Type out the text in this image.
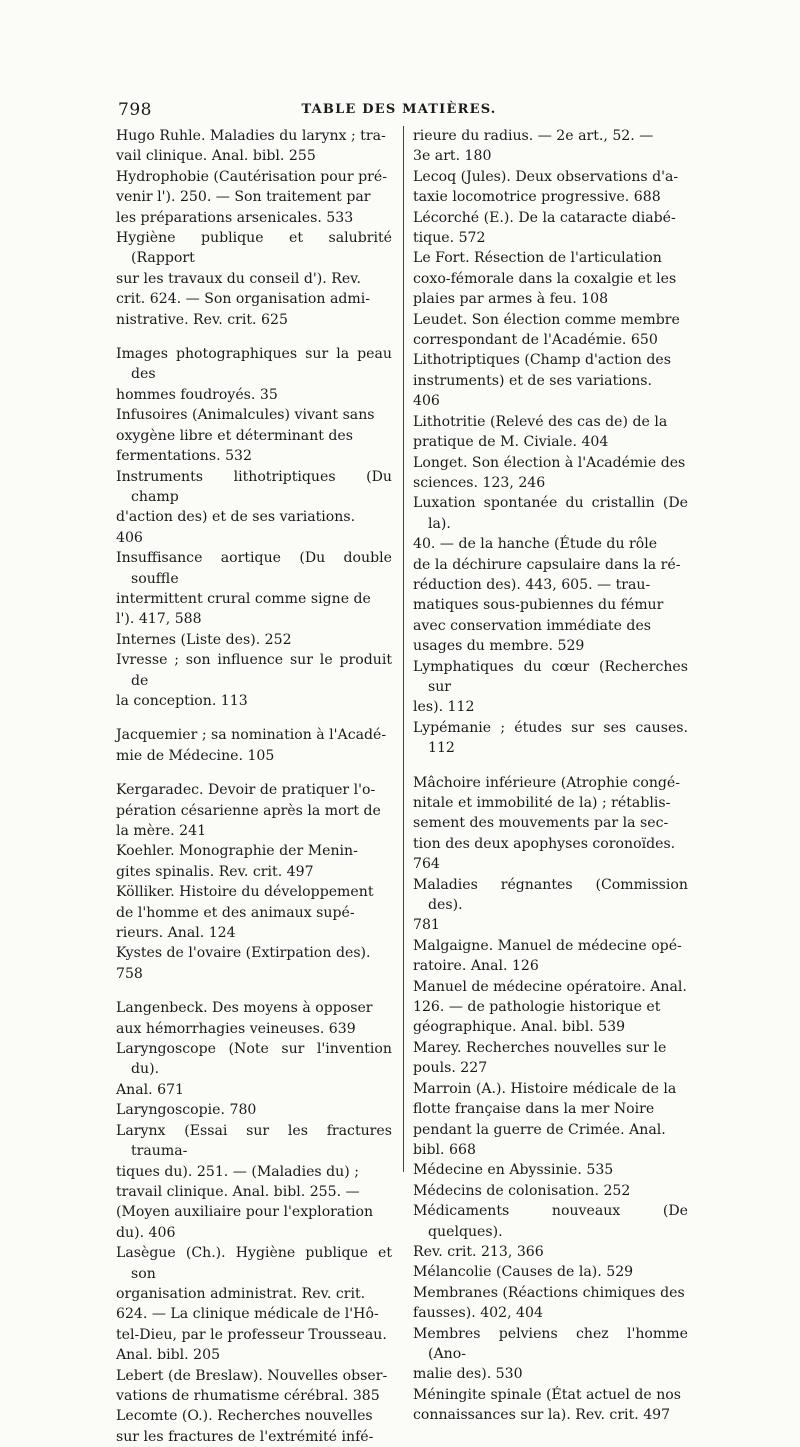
798	TABLE DES MATIÈRES.
Hugo Ruhle. Maladies du larynx ; tra-
vail clinique. Anal. bibl. 255
Hydrophobie (Cautérisation pour pré-
venir l'). 250. — Son traitement par
les préparations arsenicales. 533
Hygiène publique et salubrité (Rapport
sur les travaux du conseil d'). Rev.
crit. 624. — Son organisation admi-
nistrative. Rev. crit. 625
Images photographiques sur la peau des
hommes foudroyés. 35
Infusoires (Animalcules) vivant sans
oxygène libre et déterminant des
fermentations. 532
Instruments lithotriptiques (Du champ
d'action des) et de ses variations.
406
Insuffisance aortique (Du double souffle
intermittent crural comme signe de
l'). 417, 588
Internes (Liste des). 252
Ivresse ; son influence sur le produit de
la conception. 113
Jacquemier ; sa nomination à l'Acadé-
mie de Médecine. 105
Kergaradec. Devoir de pratiquer l'o-
pération césarienne après la mort de
la mère. 241
Koehler. Monographie der Menin-
gites spinalis. Rev. crit. 497
Kölliker. Histoire du développement
de l'homme et des animaux supé-
rieurs. Anal. 124
Kystes de l'ovaire (Extirpation des).
758
Langenbeck. Des moyens à opposer
aux hémorrhagies veineuses. 639
Laryngoscope (Note sur l'invention du).
Anal. 671
Laryngoscopie. 780
Larynx (Essai sur les fractures trauma-
tiques du). 251. — (Maladies du) ;
travail clinique. Anal. bibl. 255. —
(Moyen auxiliaire pour l'exploration
du). 406
Lasègue (Ch.). Hygiène publique et son
organisation administrat. Rev. crit.
624. — La clinique médicale de l'Hô-
tel-Dieu, par le professeur Trousseau.
Anal. bibl. 205
Lebert (de Breslaw). Nouvelles obser-
vations de rhumatisme cérébral. 385
Lecomte (O.). Recherches nouvelles
sur les fractures de l'extrémité infé-
rieure du radius. — 2e art., 52. —
3e art. 180
Lecoq (Jules). Deux observations d'a-
taxie locomotrice progressive. 688
Lécorché (E.). De la cataracte diabé-
tique. 572
Le Fort. Résection de l'articulation
coxo-fémorale dans la coxalgie et les
plaies par armes à feu. 108
Leudet. Son élection comme membre
correspondant de l'Académie. 650
Lithotriptiques (Champ d'action des
instruments) et de ses variations.
406
Lithotritie (Relevé des cas de) de la
pratique de M. Civiale. 404
Longet. Son élection à l'Académie des
sciences. 123, 246
Luxation spontanée du cristallin (De la).
40. — de la hanche (Étude du rôle
de la déchirure capsulaire dans la ré-
réduction des). 443, 605. — trau-
matiques sous-pubiennes du fémur
avec conservation immédiate des
usages du membre. 529
Lymphatiques du cœur (Recherches sur
les). 112
Lypémanie ; études sur ses causes. 112
Mâchoire inférieure (Atrophie congé-
nitale et immobilité de la) ; rétablis-
sement des mouvements par la sec-
tion des deux apophyses coronoïdes.
764
Maladies régnantes (Commission des).
781
Malgaigne. Manuel de médecine opé-
ratoire. Anal. 126
Manuel de médecine opératoire. Anal.
126. — de pathologie historique et
géographique. Anal. bibl. 539
Marey. Recherches nouvelles sur le
pouls. 227
Marroin (A.). Histoire médicale de la
flotte française dans la mer Noire
pendant la guerre de Crimée. Anal.
bibl. 668
Médecine en Abyssinie. 535
Médecins de colonisation. 252
Médicaments nouveaux (De quelques).
Rev. crit. 213, 366
Mélancolie (Causes de la). 529
Membranes (Réactions chimiques des
fausses). 402, 404
Membres pelviens chez l'homme (Ano-
malie des). 530
Méningite spinale (État actuel de nos
connaissances sur la). Rev. crit. 497
